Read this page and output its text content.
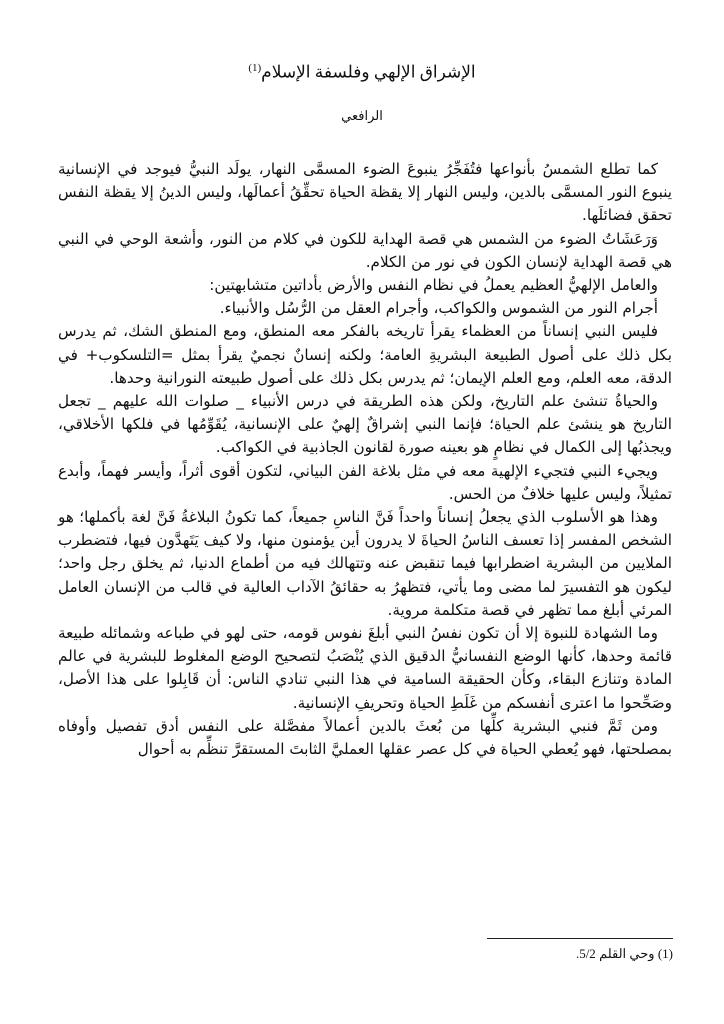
الإشراق الإلهي وفلسفة الإسلام$^{(1)}$
الرافعي

كما تطلع الشمسُ بأنواعها فتُفَجِّرُ ينبوعَ الضوء المسمَّى النهار، يولَد النبيُّ فيوجد في الإنسانية ينبوع النور المسمَّى بالدين، وليس النهار إلا يقظة الحياة تحقِّقُ أعمالَها، وليس الدينُ إلا يقظة النفس تحقق فضائلَها.

وَرَعَشَاتُ الضوء من الشمس هي قصة الهداية للكون في كلام من النور، وأشعة الوحي في النبي هي قصة الهداية لإنسان الكون في نور من الكلام.

والعامل الإلهيُّ العظيم يعملُ في نظام النفس والأرض بأداتين متشابهتين:

أجرام النور من الشموس والكواكب، وأجرام العقل من الرُّسُل والأنبياء.

فليس النبي إنساناً من العظماء يقرأ تاريخه بالفكر معه المنطق، ومع المنطق الشك، ثم يدرس بكل ذلك على أصول الطبيعة البشريةِ العامة؛ ولكنه إنسانٌ نجميٌ يقرأ بمثل =التلسكوب+ في الدقة، معه العلم، ومع العلم الإيمان؛ ثم يدرس بكل ذلك على أصول طبيعته النورانية وحدها.

والحياةُ تنشئ علم التاريخ، ولكن هذه الطريقة في درس الأنبياء _ صلوات الله عليهم _ تجعل التاريخ هو ينشئ علم الحياة؛ فإنما النبي إشراقٌ إلهيٌ على الإنسانية، يُقَوِّمُها في فلكها الأخلاقي، ويجذبُها إلى الكمال في نظامٍ هو بعينه صورة لقانون الجاذبية في الكواكب.

ويجيء النبي فتجيء الإلهية معه في مثل بلاغة الفن البياني، لتكون أقوى أثراً، وأيسر فهماً، وأبدع تمثيلاً، وليس عليها خلافٌ من الحس.

وهذا هو الأسلوب الذي يجعلُ إنساناً واحداً فَنَّ الناسِ جميعاً، كما تكونُ البلاغةُ فَنَّ لغة بأكملها؛ هو الشخص المفسر إذا تعسف الناسُ الحياةَ لا يدرون أين يؤمنون منها، ولا كيف يَتَهدَّون فيها، فتضطرب الملايين من البشرية اضطرابها فيما تنقبض عنه وتتهالك فيه من أطماع الدنيا، ثم يخلق رجل واحد؛ ليكون هو التفسيرَ لما مضى وما يأتي، فتظهرُ به حقائقُ الآداب العالية في قالب من الإنسان العامل المرئي أبلغ مما تظهر في قصة متكلمة مروية.

وما الشهادة للنبوة إلا أن تكون نفسُ النبي أبلغَ نفوس قومه، حتى لهو في طباعه وشمائله طبيعة قائمة وحدها، كأنها الوضع النفسانيُّ الدقيق الذي يُنْصَبُ لتصحيح الوضع المغلوط للبشرية في عالم المادة وتنازع البقاء، وكأن الحقيقة السامية في هذا النبي تنادي الناس: أن قَابِلوا على هذا الأصل، وصَحِّحوا ما اعترى أنفسكم من غَلَطِ الحياة وتحريفِ الإنسانية.

ومن ثَمَّ فنبي البشرية كلِّها من بُعثَ بالدين أعمالاً مفصَّلة على النفس أدق تفصيل وأوفاه بمصلحتها، فهو يُعطي الحياة في كل عصر عقلها العمليَّ الثابتَ المستقرَّ تنظِّم به أحوال

(1) وحي القلم 5/2.
